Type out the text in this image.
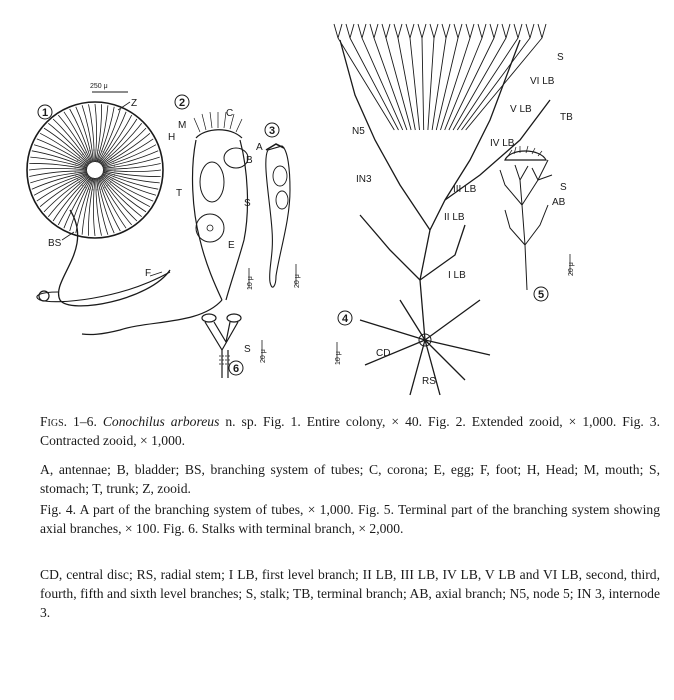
1
250 μ
Z
BS
F
2
M
H
C
A
B
T
S
E
10 μ
3
20 μ
4
S
VI LB
TB
V LB
N5
IV LB
IN3
III LB
II LB
I LB
CD
RS
10 μ
5
S
AB
20 μ
6
S 20 μ

Figs. 1–6. Conochilus arboreus n. sp. Fig. 1. Entire colony, × 40. Fig. 2. Extended zooid, × 1,000. Fig. 3. Contracted zooid, × 1,000.

A, antennae; B, bladder; BS, branching system of tubes; C, corona; E, egg; F, foot; H, Head; M, mouth; S, stomach; T, trunk; Z, zooid.

Fig. 4. A part of the branching system of tubes, × 1,000. Fig. 5. Terminal part of the branching system showing axial branches, × 100. Fig. 6. Stalks with terminal branch, × 2,000.

CD, central disc; RS, radial stem; I LB, first level branch; II LB, III LB, IV LB, V LB and VI LB, second, third, fourth, fifth and sixth level branches; S, stalk; TB, terminal branch; AB, axial branch; N5, node 5; IN 3, internode 3.
